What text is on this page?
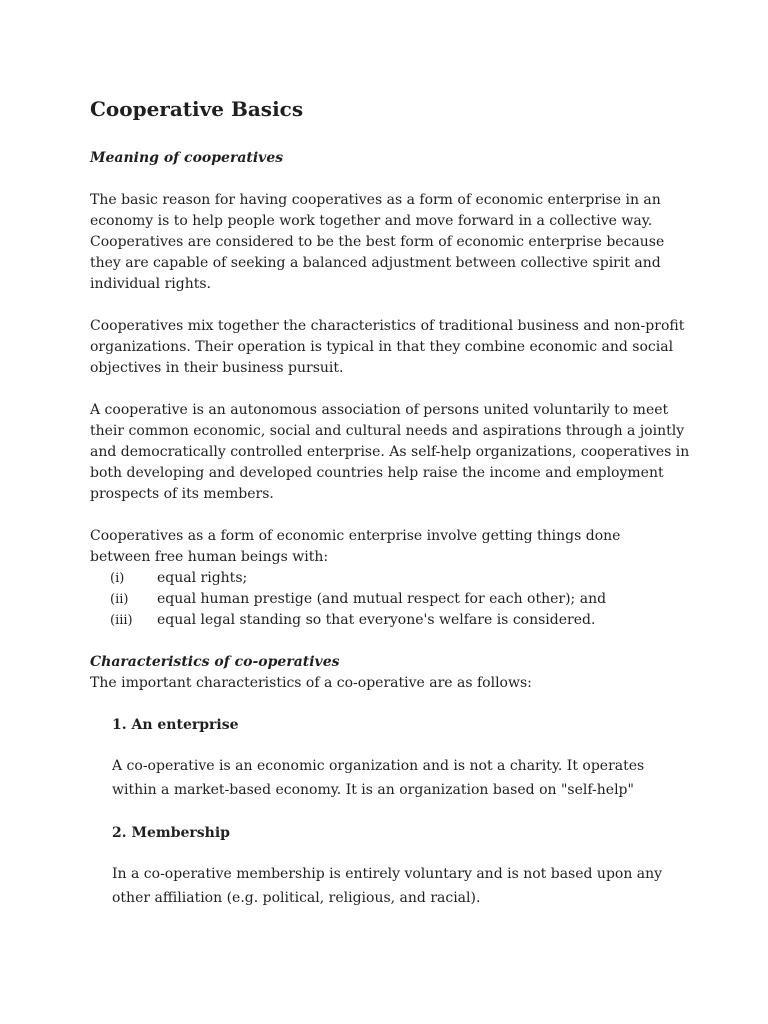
Cooperative Basics
Meaning of cooperatives

The basic reason for having cooperatives as a form of economic enterprise in an economy is to help people work together and move forward in a collective way. Cooperatives are considered to be the best form of economic enterprise because they are capable of seeking a balanced adjustment between collective spirit and individual rights.

Cooperatives mix together the characteristics of traditional business and non-profit organizations. Their operation is typical in that they combine economic and social objectives in their business pursuit.

A cooperative is an autonomous association of persons united voluntarily to meet their common economic, social and cultural needs and aspirations through a jointly and democratically controlled enterprise. As self-help organizations, cooperatives in both developing and developed countries help raise the income and employment prospects of its members.

Cooperatives as a form of economic enterprise involve getting things done

between free human beings with:

(i)	equal rights;
(ii)	equal human prestige (and mutual respect for each other); and
(iii)	equal legal standing so that everyone's welfare is considered.
Characteristics of co-operatives

The important characteristics of a co-operative are as follows:

1. An enterprise
A co-operative is an economic organization and is not a charity. It operates within a market-based economy. It is an organization based on "self-help"
2. Membership
In a co-operative membership is entirely voluntary and is not based upon any other affiliation (e.g. political, religious, and racial).
